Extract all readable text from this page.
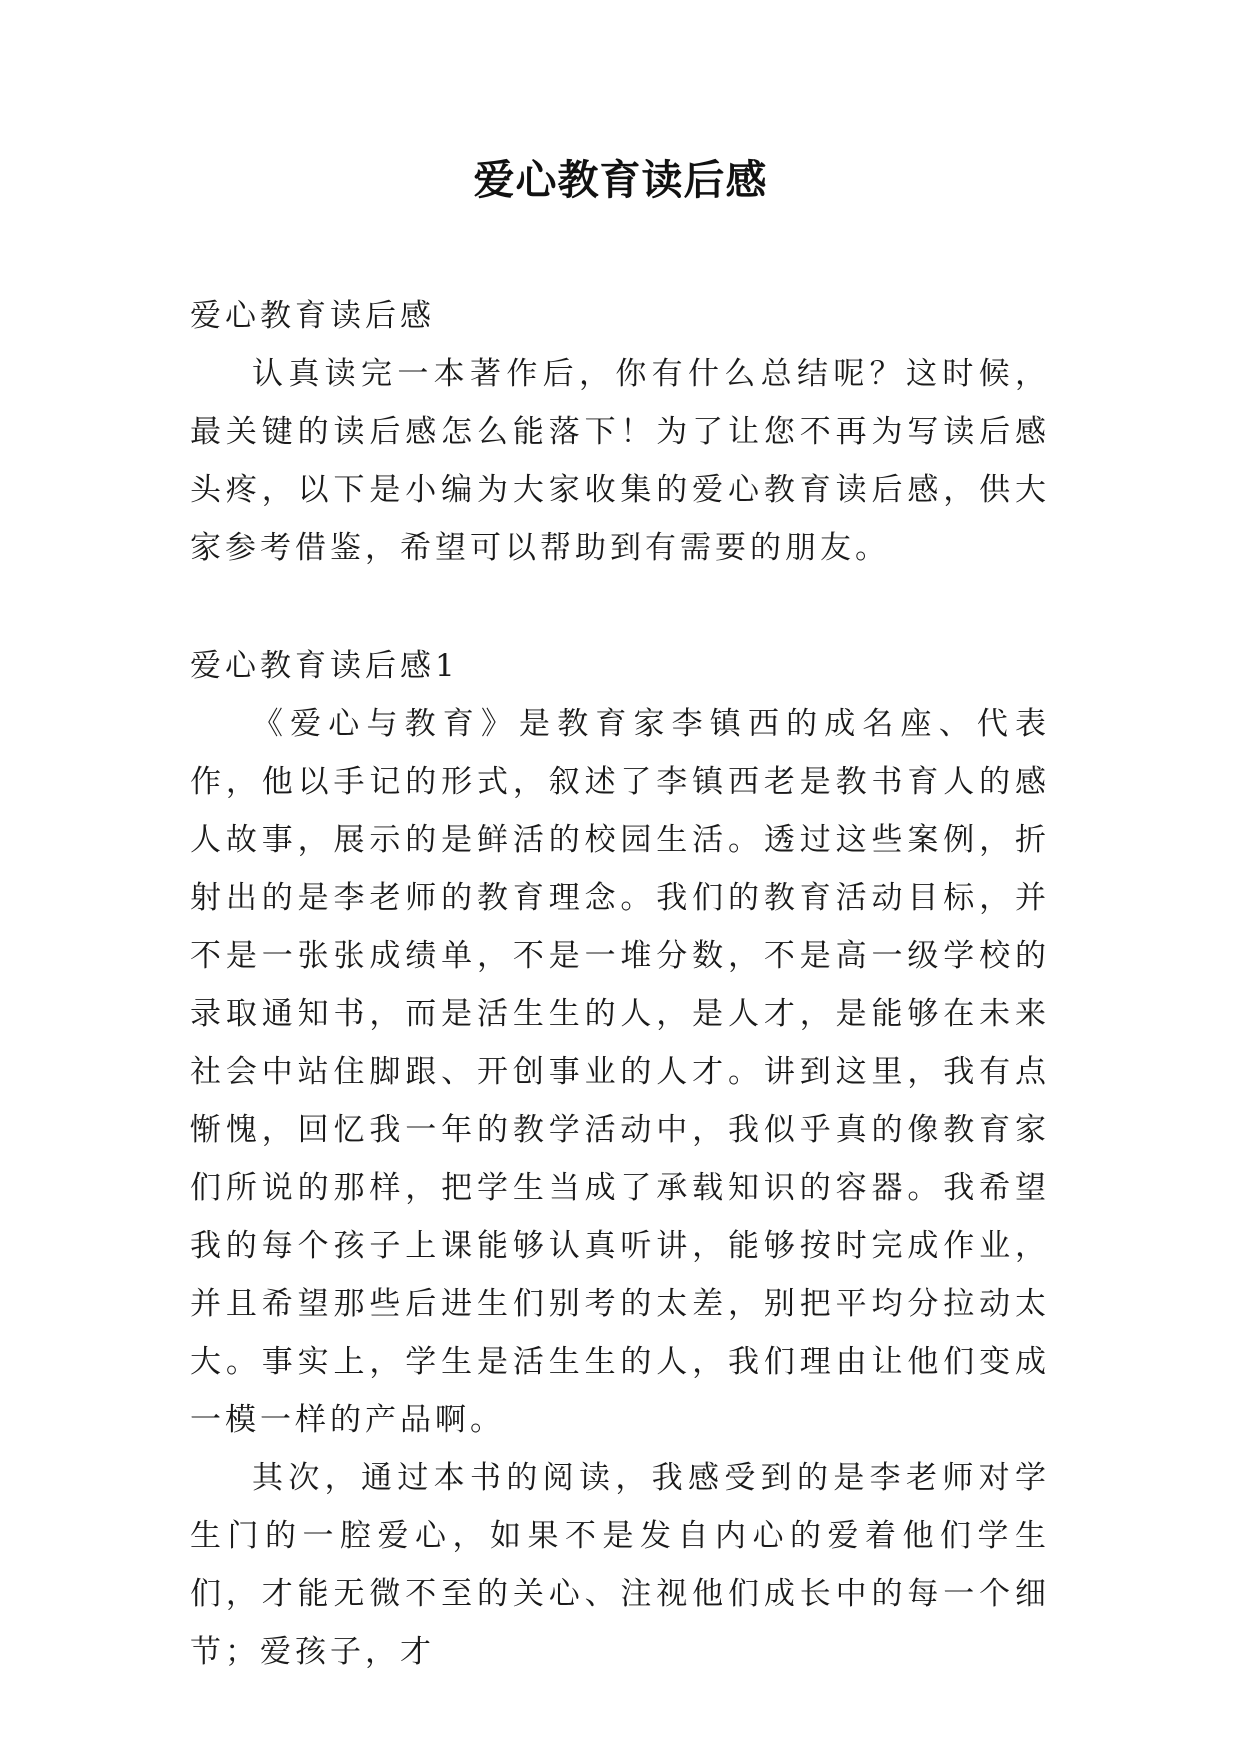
爱心教育读后感

爱心教育读后感

认真读完一本著作后，你有什么总结呢？这时候，最关键的读后感怎么能落下！为了让您不再为写读后感头疼，以下是小编为大家收集的爱心教育读后感，供大家参考借鉴，希望可以帮助到有需要的朋友。

爱心教育读后感1

《爱心与教育》是教育家李镇西的成名座、代表作，他以手记的形式，叙述了李镇西老是教书育人的感人故事，展示的是鲜活的校园生活。透过这些案例，折射出的是李老师的教育理念。我们的教育活动目标，并不是一张张成绩单，不是一堆分数，不是高一级学校的录取通知书，而是活生生的人，是人才，是能够在未来社会中站住脚跟、开创事业的人才。讲到这里，我有点惭愧，回忆我一年的教学活动中，我似乎真的像教育家们所说的那样，把学生当成了承载知识的容器。我希望我的每个孩子上课能够认真听讲，能够按时完成作业，并且希望那些后进生们别考的太差，别把平均分拉动太大。事实上，学生是活生生的人，我们理由让他们变成一模一样的产品啊。

其次，通过本书的阅读，我感受到的是李老师对学生门的一腔爱心，如果不是发自内心的爱着他们学生们，才能无微不至的关心、注视他们成长中的每一个细节；爱孩子，才
